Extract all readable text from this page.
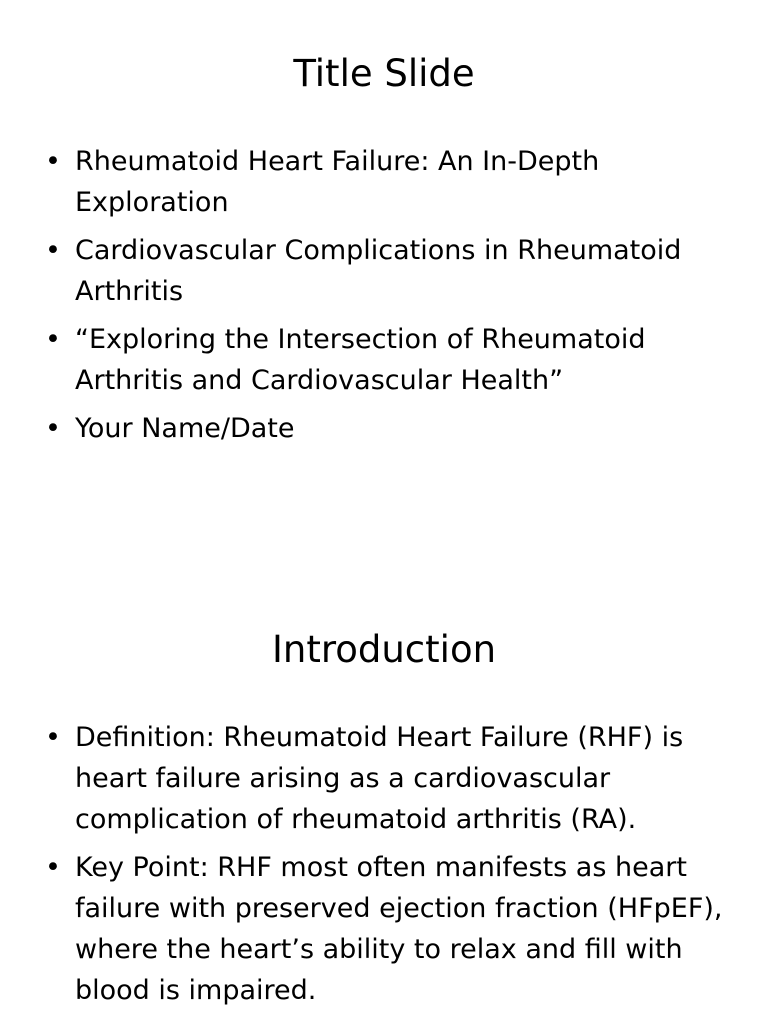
Title Slide
• Rheumatoid Heart Failure: An In-Depth Exploration
• Cardiovascular Complications in Rheumatoid Arthritis
• “Exploring the Intersection of Rheumatoid Arthritis and Cardiovascular Health”
• Your Name/Date
Introduction
• Definition: Rheumatoid Heart Failure (RHF) is heart failure arising as a cardiovascular complication of rheumatoid arthritis (RA).
• Key Point: RHF most often manifests as heart failure with preserved ejection fraction (HFpEF), where the heart’s ability to relax and fill with blood is impaired.
